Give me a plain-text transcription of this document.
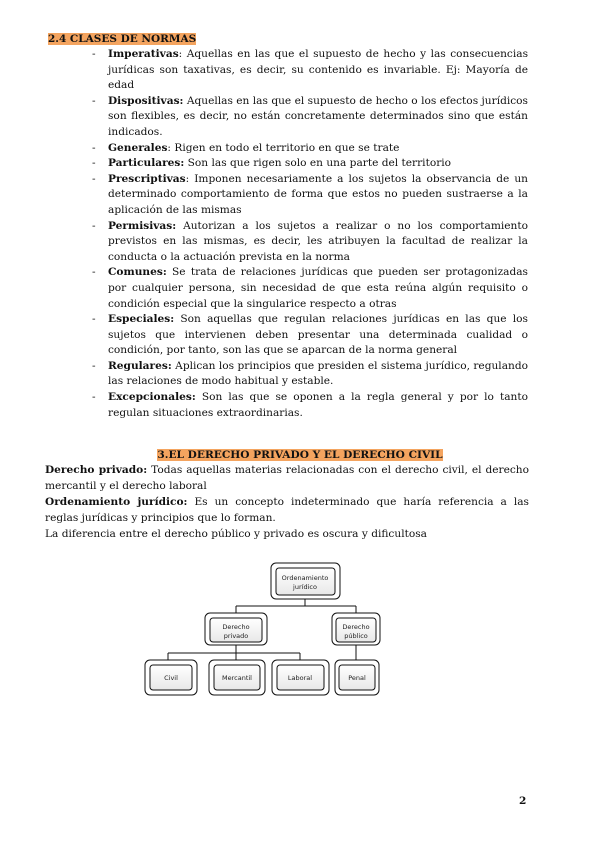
2.4 CLASES DE NORMAS
- Imperativas: Aquellas en las que el supuesto de hecho y las consecuencias jurídicas son taxativas, es decir, su contenido es invariable. Ej: Mayoría de edad
- Dispositivas: Aquellas en las que el supuesto de hecho o los efectos jurídicos son flexibles, es decir, no están concretamente determinados sino que están indicados.
- Generales: Rigen en todo el territorio en que se trate
- Particulares: Son las que rigen solo en una parte del territorio
- Prescriptivas: Imponen necesariamente a los sujetos la observancia de un determinado comportamiento de forma que estos no pueden sustraerse a la aplicación de las mismas
- Permisivas: Autorizan a los sujetos a realizar o no los comportamiento previstos en las mismas, es decir, les atribuyen la facultad de realizar la conducta o la actuación prevista en la norma
- Comunes: Se trata de relaciones jurídicas que pueden ser protagonizadas por cualquier persona, sin necesidad de que esta reúna algún requisito o condición especial que la singularice respecto a otras
- Especiales: Son aquellas que regulan relaciones jurídicas en las que los sujetos que intervienen deben presentar una determinada cualidad o condición, por tanto, son las que se aparcan de la norma general
- Regulares: Aplican los principios que presiden el sistema jurídico, regulando las relaciones de modo habitual y estable.
- Excepcionales: Son las que se oponen a la regla general y por lo tanto regulan situaciones extraordinarias.
3.EL DERECHO PRIVADO Y EL DERECHO CIVIL

Derecho privado: Todas aquellas materias relacionadas con el derecho civil, el derecho mercantil y el derecho laboral

Ordenamiento jurídico: Es un concepto indeterminado que haría referencia a las reglas jurídicas y principios que lo forman.

La diferencia entre el derecho público y privado es oscura y dificultosa

Ordenamiento
jurídico
Derecho
privado
Derecho
público
Civil	Mercantil	Laboral	Penal
2
